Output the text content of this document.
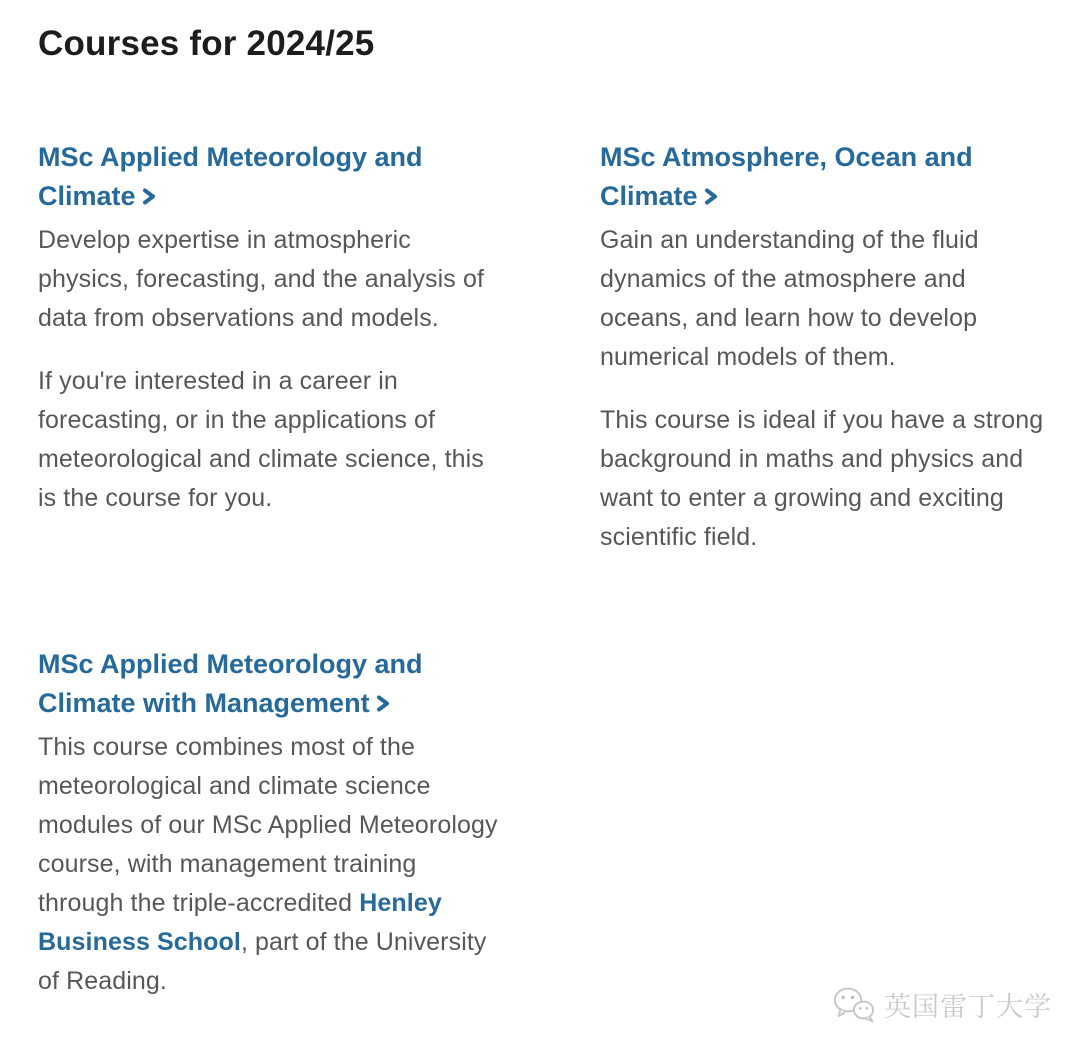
Courses for 2024/25
MSc Applied Meteorology and Climate

Develop expertise in atmospheric physics, forecasting, and the analysis of data from observations and models.

If you're interested in a career in forecasting, or in the applications of meteorological and climate science, this is the course for you.

MSc Atmosphere, Ocean and Climate

Gain an understanding of the fluid dynamics of the atmosphere and oceans, and learn how to develop numerical models of them.

This course is ideal if you have a strong background in maths and physics and want to enter a growing and exciting scientific field.

MSc Applied Meteorology and Climate with Management

This course combines most of the meteorological and climate science modules of our MSc Applied Meteorology course, with management training through the triple-accredited Henley Business School, part of the University of Reading.

英国雷丁大学
